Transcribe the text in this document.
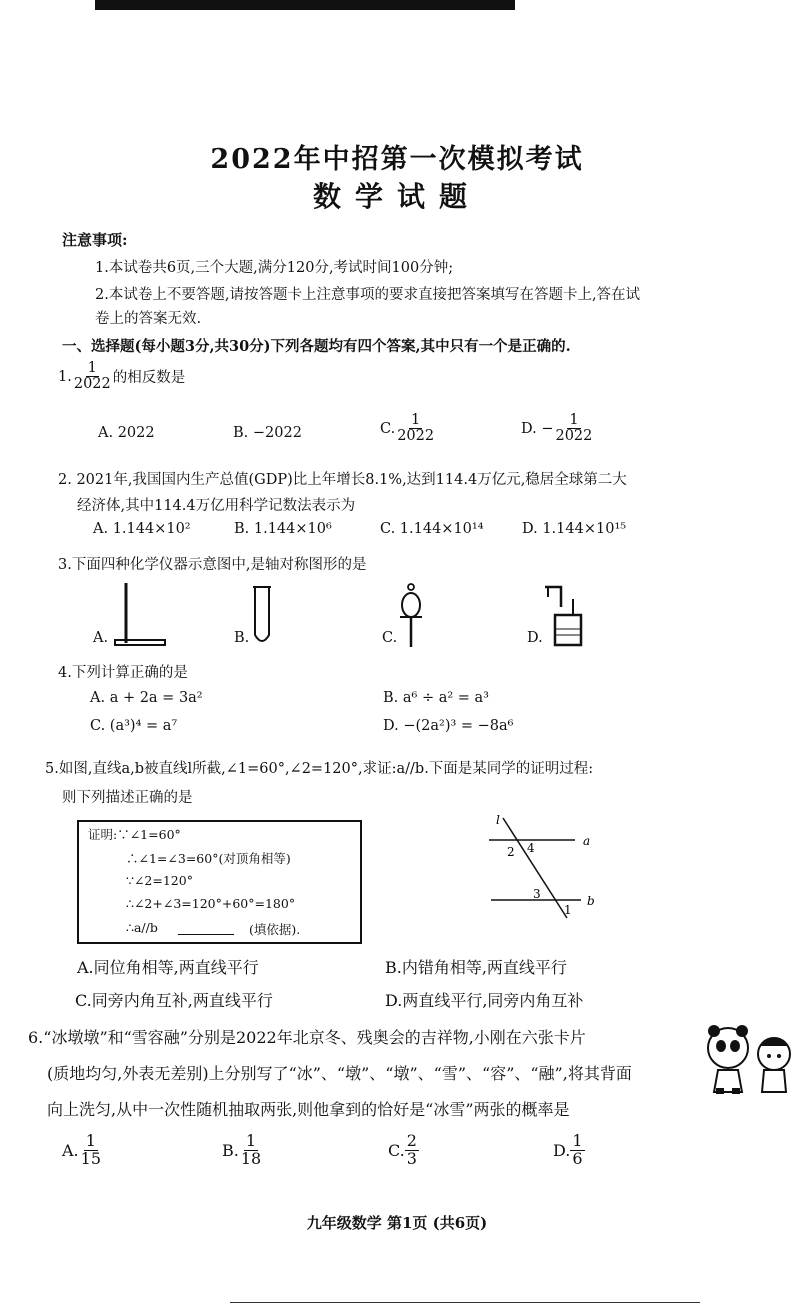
2022年中招第一次模拟考试
数学试题
注意事项:
1.本试卷共6页,三个大题,满分120分,考试时间100分钟;
2.本试卷上不要答题,请按答题卡上注意事项的要求直接把答案填写在答题卡上,答在试
卷上的答案无效.
一、选择题(每小题3分,共30分)下列各题均有四个答案,其中只有一个是正确的.
1. $\frac{1}{2022}$ 的相反数是
A. 2022	B. −2022	C. $\frac{1}{2022}$	D. − $\frac{1}{2022}$
2. 2021年,我国国内生产总值(GDP)比上年增长8.1%,达到114.4万亿元,稳居全球第二大
经济体,其中114.4万亿用科学记数法表示为
A. 1.144×10²	B. 1.144×10⁶	C. 1.144×10¹⁴	D. 1.144×10¹⁵
3.下面四种化学仪器示意图中,是轴对称图形的是
A.	B.	C.	D.
4.下列计算正确的是
A. a + 2a = 3a²	B. a⁶ ÷ a² = a³
C. (a³)⁴ = a⁷	D. −(2a²)³ = −8a⁶
5.如图,直线a,b被直线l所截,∠1=60°,∠2=120°,求证:a//b.下面是某同学的证明过程:
则下列描述正确的是
证明:∵∠1=60°
∴∠1=∠3=60°(对顶角相等)
∵∠2=120°
∴∠2+∠3=120°+60°=180°
∴a//b	(填依据).
l
a
b
2 4
3
1
A.同位角相等,两直线平行	B.内错角相等,两直线平行
C.同旁内角互补,两直线平行	D.两直线平行,同旁内角互补
6.“冰墩墩”和“雪容融”分别是2022年北京冬、残奥会的吉祥物,小刚在六张卡片
(质地均匀,外表无差别)上分别写了“冰”、“墩”、“墩”、“雪”、“容”、“融”,将其背面
向上洗匀,从中一次性随机抽取两张,则他拿到的恰好是“冰雪”两张的概率是
A. $\frac{1}{15}$	B. $\frac{1}{18}$	C. $\frac{2}{3}$	D. $\frac{1}{6}$
九年级数学 第1页 (共6页)
